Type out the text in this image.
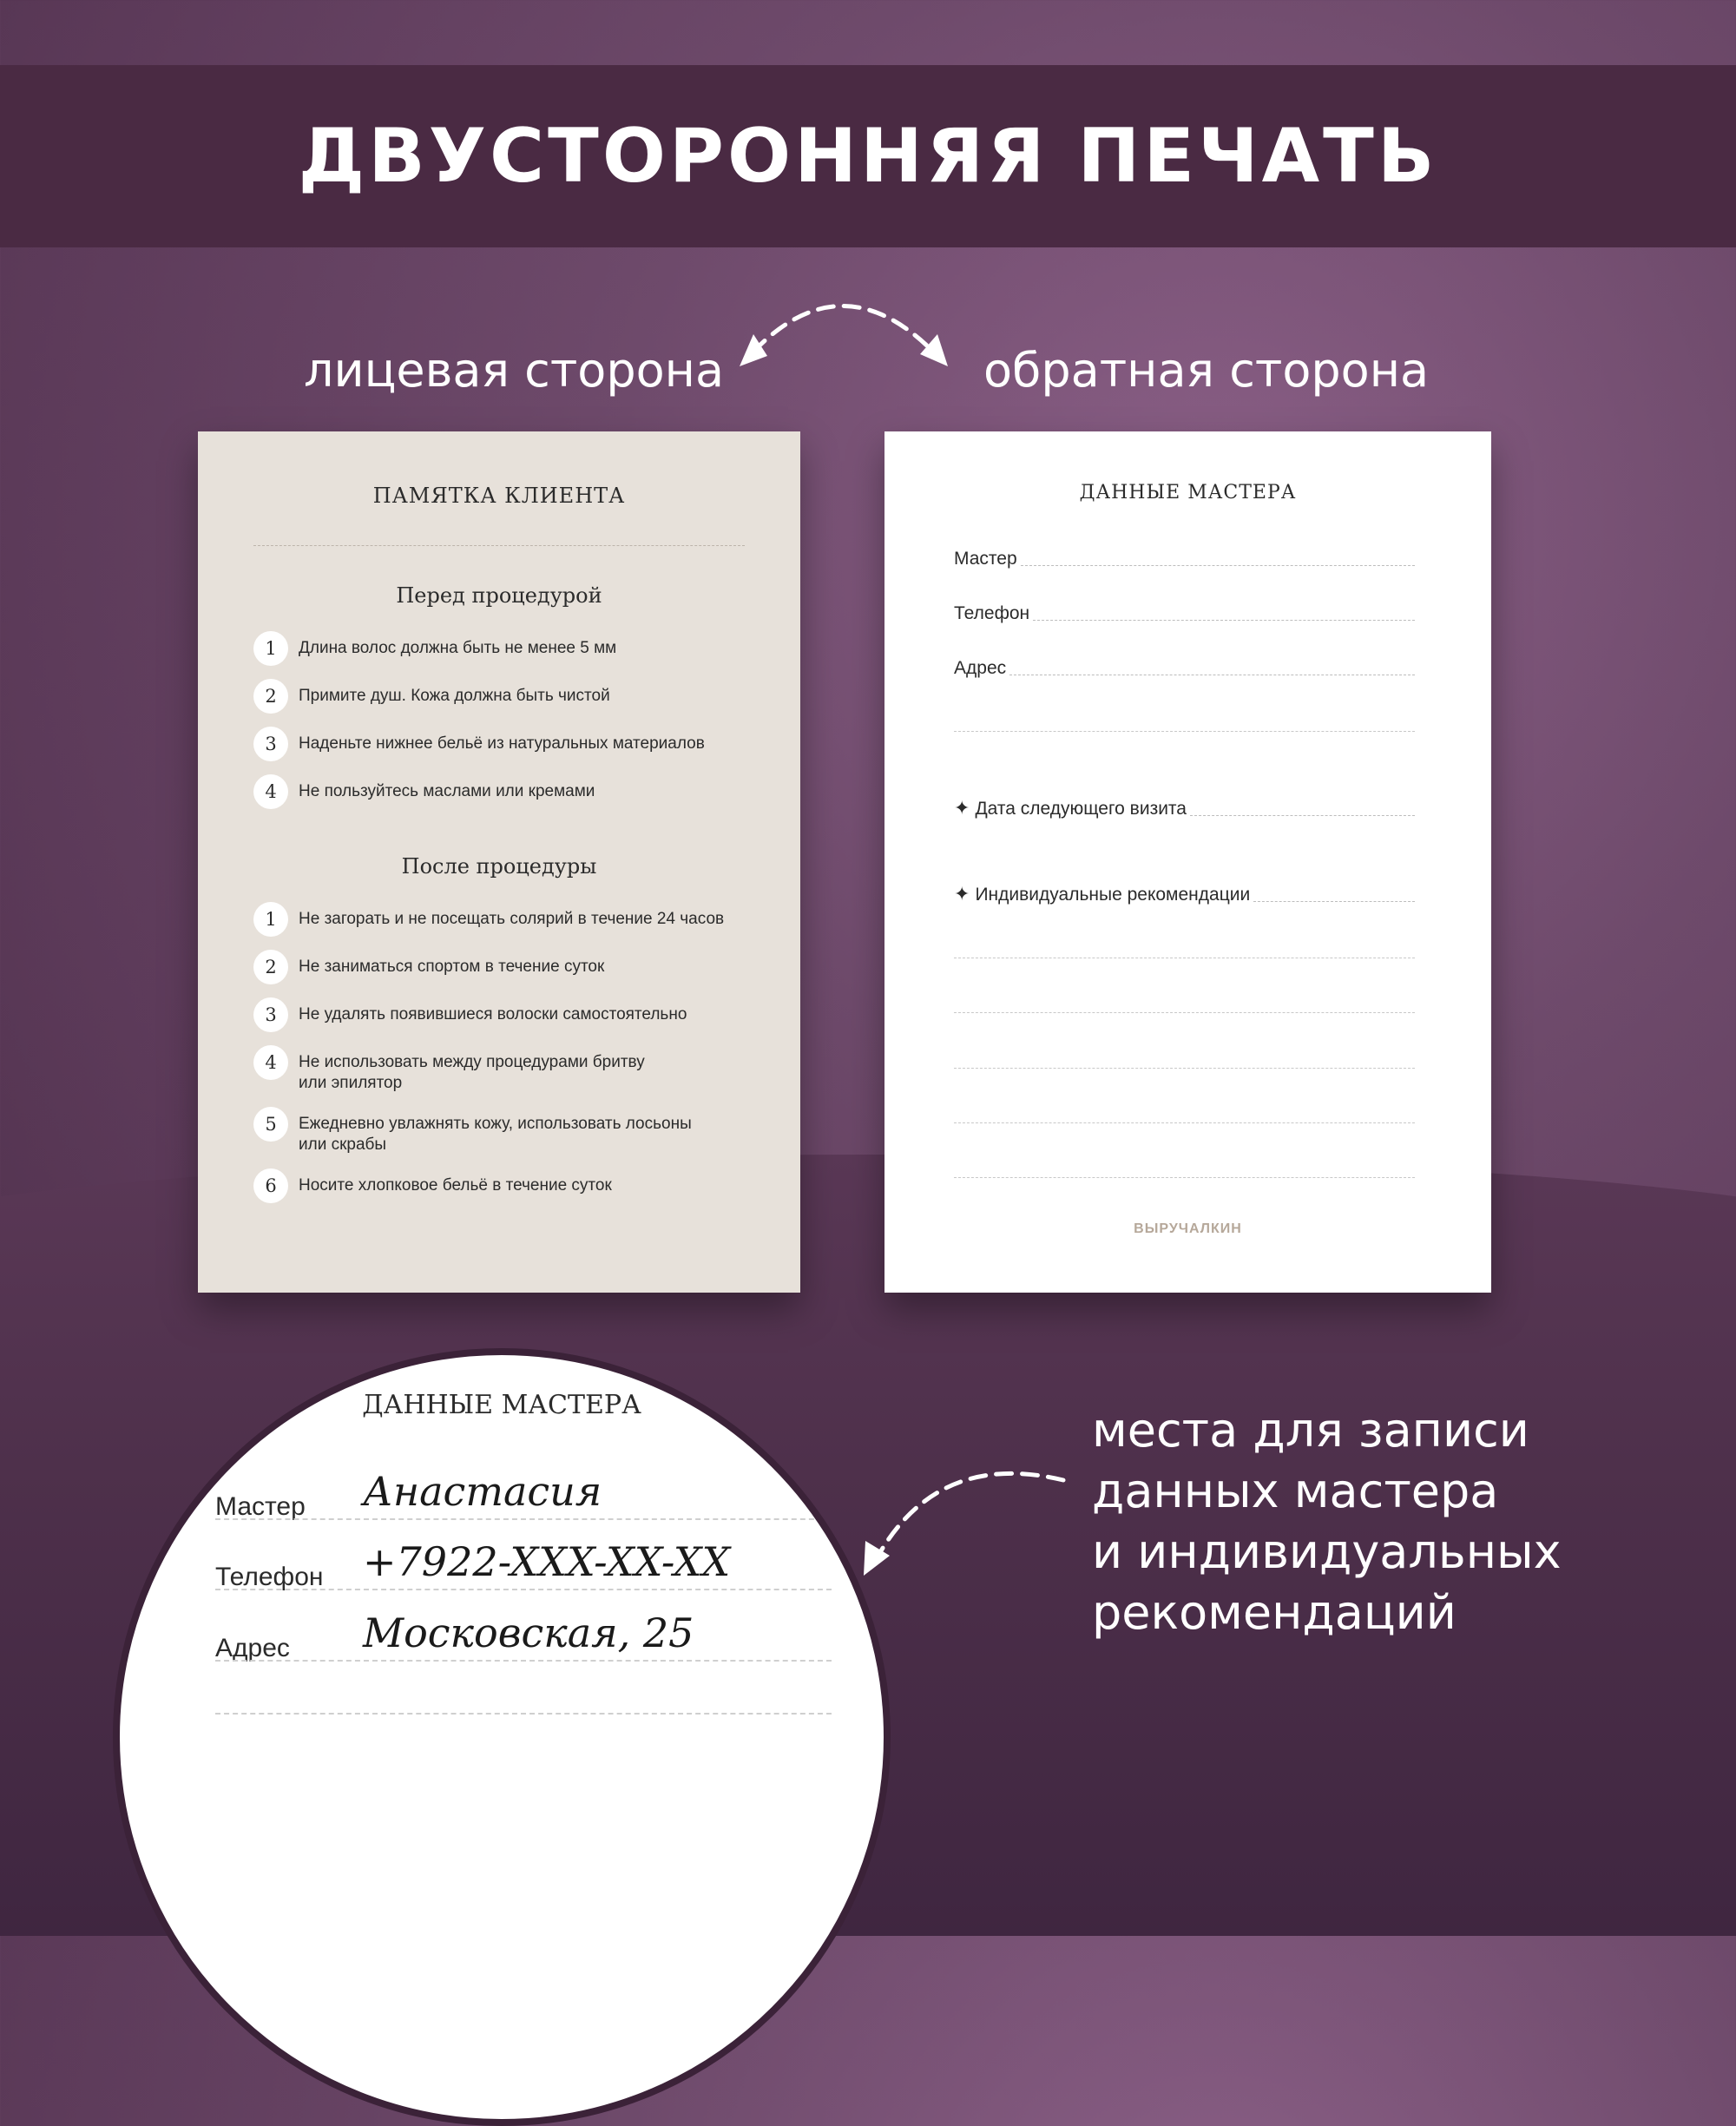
ДВУСТОРОННЯЯ ПЕЧАТЬ
лицевая сторона	обратная сторона
ПАМЯТКА КЛИЕНТА
Перед процедурой
1	Длина волос должна быть не менее 5 мм
2	Примите душ. Кожа должна быть чистой
3	Наденьте нижнее бельё из натуральных материалов
4	Не пользуйтесь маслами или кремами
После процедуры
1	Не загорать и не посещать солярий в течение 24 часов
2	Не заниматься спортом в течение суток
3	Не удалять появившиеся волоски самостоятельно
4	Не использовать между процедурами бритву
или эпилятор
5	Ежедневно увлажнять кожу, использовать лосьоны
или скрабы
6	Носите хлопковое бельё в течение суток
ДАННЫЕ МАСТЕРА
Мастер
Телефон
Адрес
✦ Дата следующего визита
✦ Индивидуальные рекомендации
ВЫРУЧАЛКИН
ДАННЫЕ МАСТЕРА
Мастер Анастасия
Телефон +7922-XXX-XX-XX
Адрес Московская, 25
места для записи
данных мастера
и индивидуальных
рекомендаций
